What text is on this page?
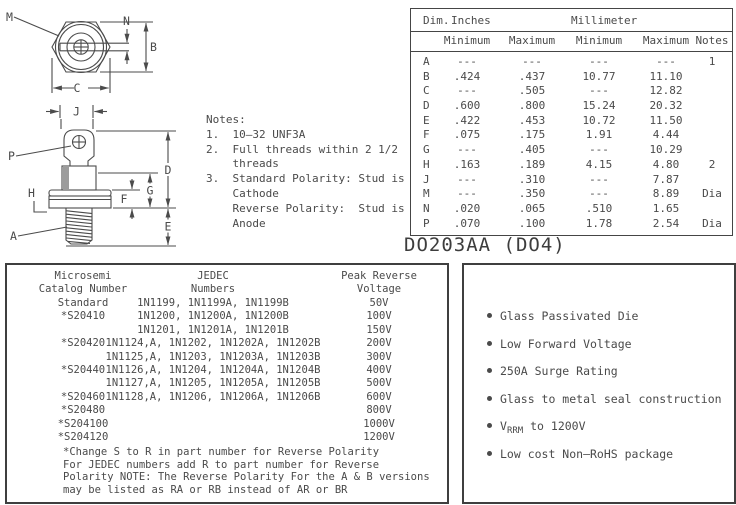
M	N
B
C
J
P
H
A
D
E
G
F
Notes:
1.  10–32 UNF3A
2.  Full threads within 2 1/2
threads
3.  Standard Polarity: Stud is
Cathode
Reverse Polarity:  Stud is
Anode
Dim. Inches	Millimeter
Minimum Maximum Minimum Maximum Notes
A ---	---	---	---	1
B .424	.437	10.77	11.10
C ---	.505	---	12.82
D .600	.800	15.24	20.32
E .422	.453	10.72	11.50
F .075	.175	1.91	4.44
G ---	.405	---	10.29
H .163	.189	4.15	4.80	2
J ---	.310	---	7.87
M ---	.350	---	8.89 Dia
N .020	.065	.510	1.65
P .070	.100	1.78	2.54 Dia
DO203AA (DO4)
Microsemi
Catalog Number
JEDEC
Numbers
Peak Reverse
Voltage
Standard	1N1199, 1N1199A, 1N1199B	50V
*S20410	1N1200, 1N1200A, 1N1200B	100V
1N1201, 1N1201A, 1N1201B	150V
*S20420 1N1124,A, 1N1202, 1N1202A, 1N1202B	200V
1N1125,A, 1N1203, 1N1203A, 1N1203B	300V
*S20440 1N1126,A, 1N1204, 1N1204A, 1N1204B	400V
1N1127,A, 1N1205, 1N1205A, 1N1205B	500V
*S20460 1N1128,A, 1N1206, 1N1206A, 1N1206B	600V
*S20480	800V
*S204100	1000V
*S204120	1200V
*Change S to R in part number for Reverse Polarity
For JEDEC numbers add R to part number for Reverse
Polarity NOTE: The Reverse Polarity For the A & B versions
may be listed as RA or RB instead of AR or BR
Glass Passivated Die
Low Forward Voltage
250A Surge Rating
Glass to metal seal construction
$V_{RRM}$ to 1200V
Low cost Non–RoHS package
